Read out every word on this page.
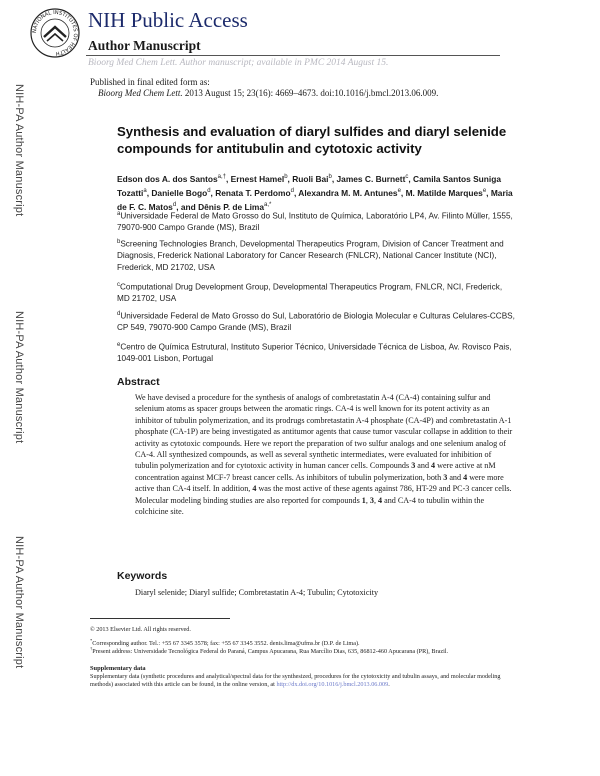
NATIONAL INSTITUTES OF HEALTH
NIH Public Access
Author Manuscript
Bioorg Med Chem Lett. Author manuscript; available in PMC 2014 August 15.
Published in final edited form as:
Bioorg Med Chem Lett. 2013 August 15; 23(16): 4669–4673. doi:10.1016/j.bmcl.2013.06.009.
NIH-PA Author Manuscript
NIH-PA Author Manuscript
NIH-PA Author Manuscript
Synthesis and evaluation of diaryl sulfides and diaryl selenide compounds for antitubulin and cytotoxic activity
Edson dos A. dos Santos$^{a,\dagger}$, Ernest Hamel$^b$, Ruoli Bai$^b$, James C. Burnett$^c$, Camila Santos Suniga Tozatti$^a$, Danielle Bogo$^d$, Renata T. Perdomo$^d$, Alexandra M. M. Antunes$^e$, M. Matilde Marques$^e$, Maria de F. C. Matos$^d$, and Dênis P. de Lima$^{a,*}$
$^a$Universidade Federal de Mato Grosso do Sul, Instituto de Química, Laboratório LP4, Av. Filinto Müller, 1555, 79070-900 Campo Grande (MS), Brazil
$^b$Screening Technologies Branch, Developmental Therapeutics Program, Division of Cancer Treatment and Diagnosis, Frederick National Laboratory for Cancer Research (FNLCR), National Cancer Institute (NCI), Frederick, MD 21702, USA
$^c$Computational Drug Development Group, Developmental Therapeutics Program, FNLCR, NCI, Frederick, MD 21702, USA
$^d$Universidade Federal de Mato Grosso do Sul, Laboratório de Biologia Molecular e Culturas Celulares-CCBS, CP 549, 79070-900 Campo Grande (MS), Brazil
$^e$Centro de Química Estrutural, Instituto Superior Técnico, Universidade Técnica de Lisboa, Av. Rovisco Pais, 1049-001 Lisbon, Portugal
Abstract
We have devised a procedure for the synthesis of analogs of combretastatin A-4 (CA-4) containing sulfur and selenium atoms as spacer groups between the aromatic rings. CA-4 is well known for its potent activity as an inhibitor of tubulin polymerization, and its prodrugs combretastatin A-4 phosphate (CA-4P) and combretastatin A-1 phosphate (CA-1P) are being investigated as antitumor agents that cause tumor vascular collapse in addition to their activity as cytotoxic compounds. Here we report the preparation of two sulfur analogs and one selenium analog of CA-4. All synthesized compounds, as well as several synthetic intermediates, were evaluated for inhibition of tubulin polymerization and for cytotoxic activity in human cancer cells. Compounds 3 and 4 were active at nM concentration against MCF-7 breast cancer cells. As inhibitors of tubulin polymerization, both 3 and 4 were more active than CA-4 itself. In addition, 4 was the most active of these agents against 786, HT-29 and PC-3 cancer cells. Molecular modeling binding studies are also reported for compounds 1, 3, 4 and CA-4 to tubulin within the colchicine site.
Keywords
Diaryl selenide; Diaryl sulfide; Combretastatin A-4; Tubulin; Cytotoxicity
© 2013 Elsevier Ltd. All rights reserved.
*Corresponding author. Tel.: +55 67 3345 3578; fax: +55 67 3345 3552. denis.lima@ufms.br (D.P. de Lima).
†Present address: Universidade Tecnológica Federal do Paraná, Campus Apucarana, Rua Marcílio Dias, 635, 86812-460 Apucarana (PR), Brazil.
Supplementary data
Supplementary data (synthetic procedures and analytical/spectral data for the synthesized, procedures for the cytotoxicity and tubulin assays, and molecular modeling methods) associated with this article can be found, in the online version, at http://dx.doi.org/10.1016/j.bmcl.2013.06.009.
